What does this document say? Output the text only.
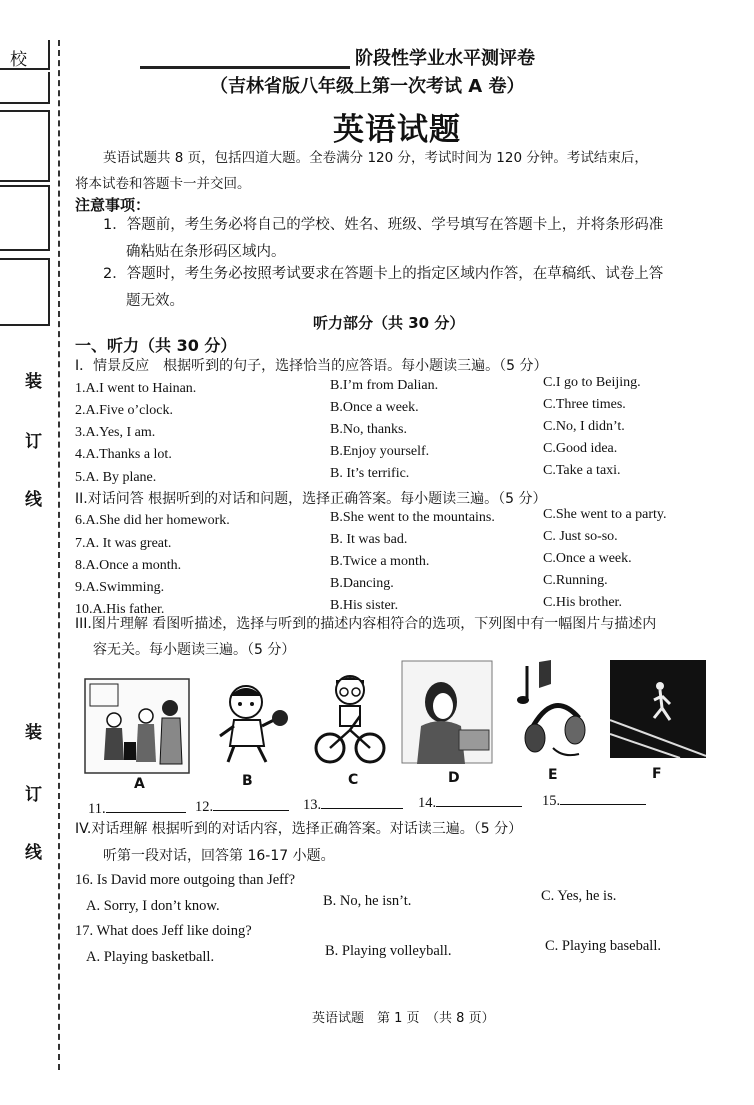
校
装
订
线
装
订
线
阶段性学业水平测评卷
（吉林省版八年级上第一次考试 A 卷）
英语试题
英语试题共 8 页，包括四道大题。全卷满分 120 分，考试时间为 120 分钟。考试结束后，
将本试卷和答题卡一并交回。
注意事项：
1．答题前，考生务必将自己的学校、姓名、班级、学号填写在答题卡上，并将条形码准
确粘贴在条形码区域内。
2．答题时，考生务必按照考试要求在答题卡上的指定区域内作答，在草稿纸、试卷上答
题无效。
听力部分（共 30 分）
一、听力（共 30 分）
I．情景反应　根据听到的句子，选择恰当的应答语。每小题读三遍。（5 分）
1.A.I went to Hainan.	B.I’m from Dalian.	C.I go to Beijing.
2.A.Five o’clock.	B.Once a week.	C.Three times.
3.A.Yes, I am.	B.No, thanks.	C.No, I didn’t.
4.A.Thanks a lot.	B.Enjoy yourself.	C.Good idea.
5.A. By plane.	B. It’s terrific.	C.Take a taxi.
II.对话问答 根据听到的对话和问题，选择正确答案。每小题读三遍。（5 分）
6.A.She did her homework.	B.She went to the mountains.	C.She went to a party.
7.A. It was great.	B. It was bad.	C. Just so-so.
8.A.Once a month.	B.Twice a month.	C.Once a week.
9.A.Swimming.	B.Dancing.	C.Running.
10.A.His father.	B.His sister.	C.His brother.
III.图片理解 看图听描述，选择与听到的描述内容相符合的选项，下列图中有一幅图片与描述内
容无关。每小题读三遍。（5 分）
A	B	C	D	E	F
11.	12.	13.	14.	15.
IV.对话理解 根据听到的对话内容，选择正确答案。对话读三遍。（5 分）
听第一段对话，回答第 16-17 小题。
16. Is David more outgoing than Jeff?
A. Sorry, I don’t know.	B. No, he isn’t.	C. Yes, he is.
17. What does Jeff like doing?
A. Playing basketball.	B. Playing volleyball.	C. Playing baseball.
英语试题　第 1 页　（共 8 页）
